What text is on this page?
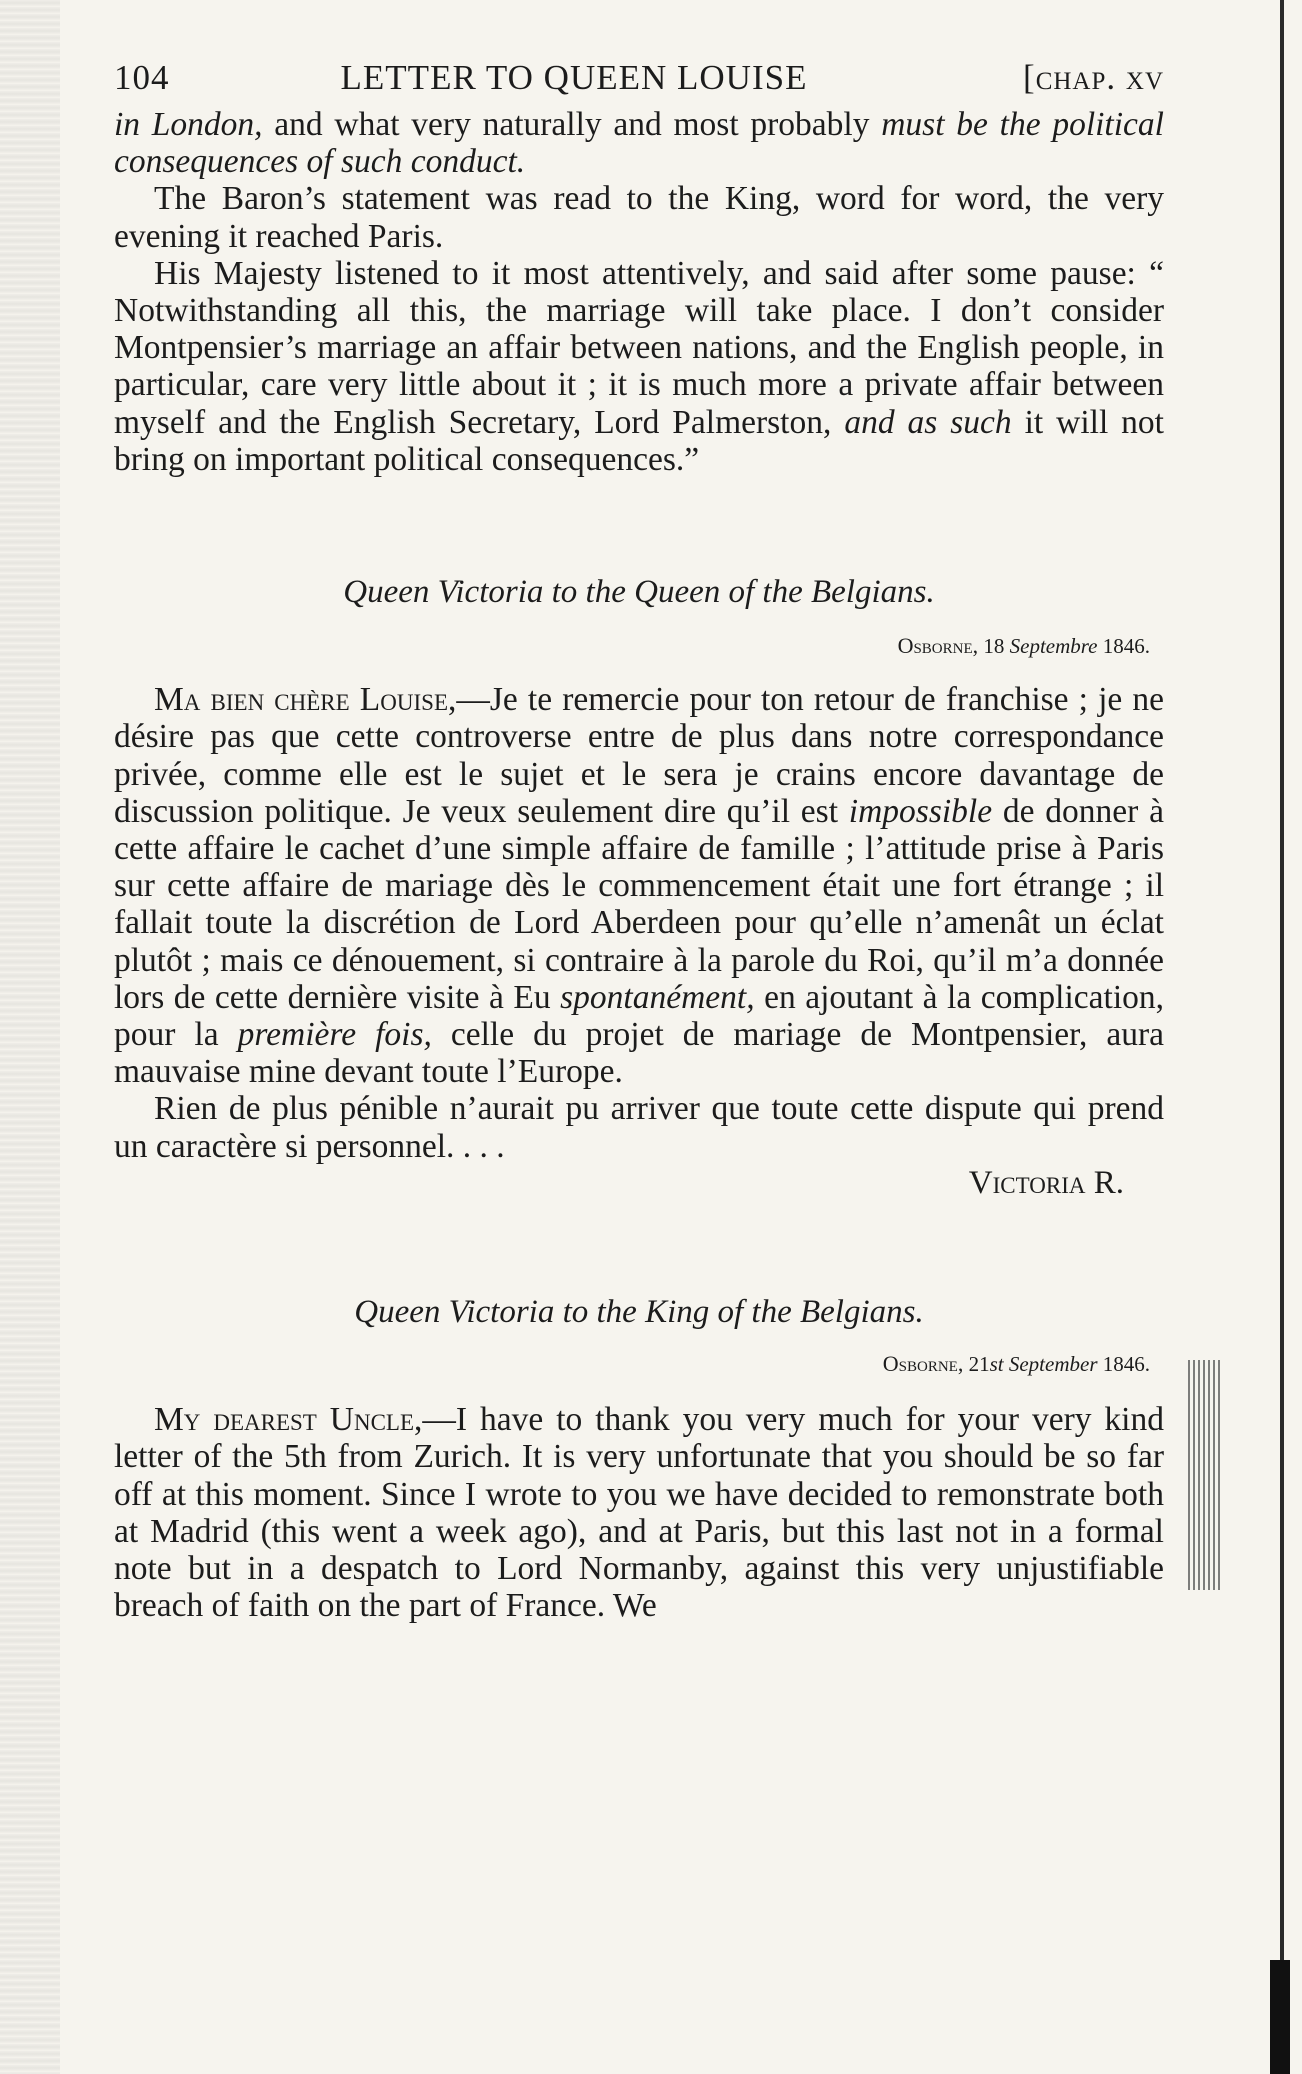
104	LETTER TO QUEEN LOUISE	[chap. xv

in London, and what very naturally and most probably must be the political consequences of such conduct.

The Baron’s statement was read to the King, word for word, the very evening it reached Paris.

His Majesty listened to it most attentively, and said after some pause: “ Notwithstanding all this, the marriage will take place. I don’t consider Montpensier’s marriage an affair between nations, and the English people, in particular, care very little about it ; it is much more a private affair between myself and the English Secretary, Lord Palmerston, and as such it will not bring on important political consequences.”

Queen Victoria to the Queen of the Belgians.

Osborne, 18 Septembre 1846.

Ma bien chère Louise,—Je te remercie pour ton retour de franchise ; je ne désire pas que cette controverse entre de plus dans notre correspondance privée, comme elle est le sujet et le sera je crains encore davantage de discussion politique. Je veux seulement dire qu’il est impossible de donner à cette affaire le cachet d’une simple affaire de famille ; l’attitude prise à Paris sur cette affaire de mariage dès le commencement était une fort étrange ; il fallait toute la discrétion de Lord Aberdeen pour qu’elle n’amenât un éclat plutôt ; mais ce dénouement, si contraire à la parole du Roi, qu’il m’a donnée lors de cette dernière visite à Eu spontanément, en ajoutant à la complication, pour la première fois, celle du projet de mariage de Montpensier, aura mauvaise mine devant toute l’Europe.

Rien de plus pénible n’aurait pu arriver que toute cette dispute qui prend un caractère si personnel. . . .

Victoria R.

Queen Victoria to the King of the Belgians.

Osborne, 21st September 1846.

My dearest Uncle,—I have to thank you very much for your very kind letter of the 5th from Zurich. It is very unfortunate that you should be so far off at this moment. Since I wrote to you we have decided to remonstrate both at Madrid (this went a week ago), and at Paris, but this last not in a formal note but in a despatch to Lord Normanby, against this very unjustifiable breach of faith on the part of France. We
